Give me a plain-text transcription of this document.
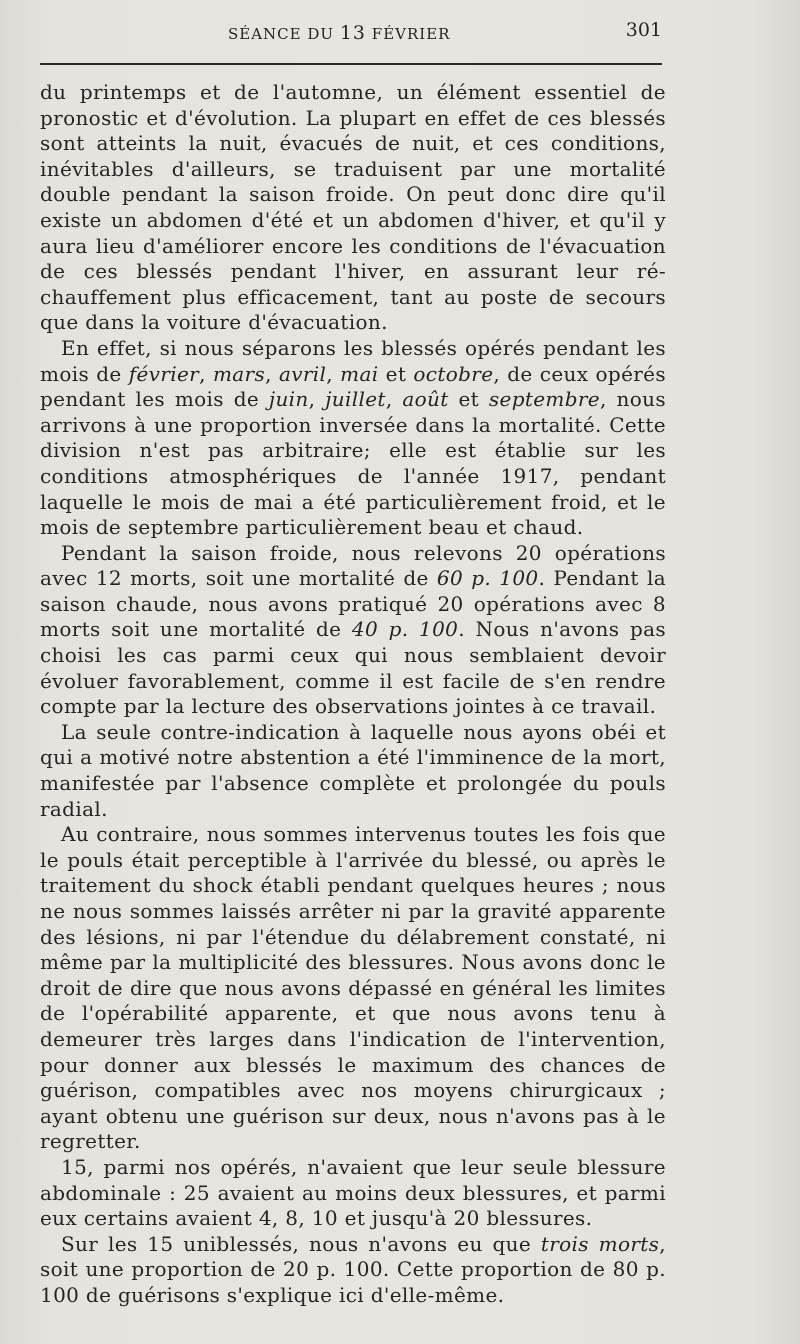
SÉANCE DU 13 FÉVRIER	301

du printemps et de l'automne, un élément essentiel de pronostic et d'évolution. La plupart en effet de ces blessés sont atteints la nuit, évacués de nuit, et ces conditions, inévitables d'ailleurs, se traduisent par une mortalité double pendant la saison froide. On peut donc dire qu'il existe un abdomen d'été et un abdomen d'hiver, et qu'il y aura lieu d'améliorer encore les conditions de l'évacuation de ces blessés pendant l'hiver, en assurant leur ré-chauffement plus efficacement, tant au poste de secours que dans la voiture d'évacuation.

En effet, si nous séparons les blessés opérés pendant les mois de février, mars, avril, mai et octobre, de ceux opérés pendant les mois de juin, juillet, août et septembre, nous arrivons à une proportion inversée dans la mortalité. Cette division n'est pas arbitraire; elle est établie sur les conditions atmosphériques de l'année 1917, pendant laquelle le mois de mai a été particulièrement froid, et le mois de septembre particulièrement beau et chaud.

Pendant la saison froide, nous relevons 20 opérations avec 12 morts, soit une mortalité de 60 p. 100. Pendant la saison chaude, nous avons pratiqué 20 opérations avec 8 morts soit une mortalité de 40 p. 100. Nous n'avons pas choisi les cas parmi ceux qui nous semblaient devoir évoluer favorablement, comme il est facile de s'en rendre compte par la lecture des observations jointes à ce travail.

La seule contre-indication à laquelle nous ayons obéi et qui a motivé notre abstention a été l'imminence de la mort, manifestée par l'absence complète et prolongée du pouls radial.

Au contraire, nous sommes intervenus toutes les fois que le pouls était perceptible à l'arrivée du blessé, ou après le traitement du shock établi pendant quelques heures ; nous ne nous sommes laissés arrêter ni par la gravité apparente des lésions, ni par l'étendue du délabrement constaté, ni même par la multiplicité des blessures. Nous avons donc le droit de dire que nous avons dépassé en général les limites de l'opérabilité apparente, et que nous avons tenu à demeurer très larges dans l'indication de l'intervention, pour donner aux blessés le maximum des chances de guérison, compatibles avec nos moyens chirurgicaux ; ayant obtenu une guérison sur deux, nous n'avons pas à le regretter.

15, parmi nos opérés, n'avaient que leur seule blessure abdominale : 25 avaient au moins deux blessures, et parmi eux certains avaient 4, 8, 10 et jusqu'à 20 blessures.

Sur les 15 uniblessés, nous n'avons eu que trois morts, soit une proportion de 20 p. 100. Cette proportion de 80 p. 100 de guérisons s'explique ici d'elle-même.
